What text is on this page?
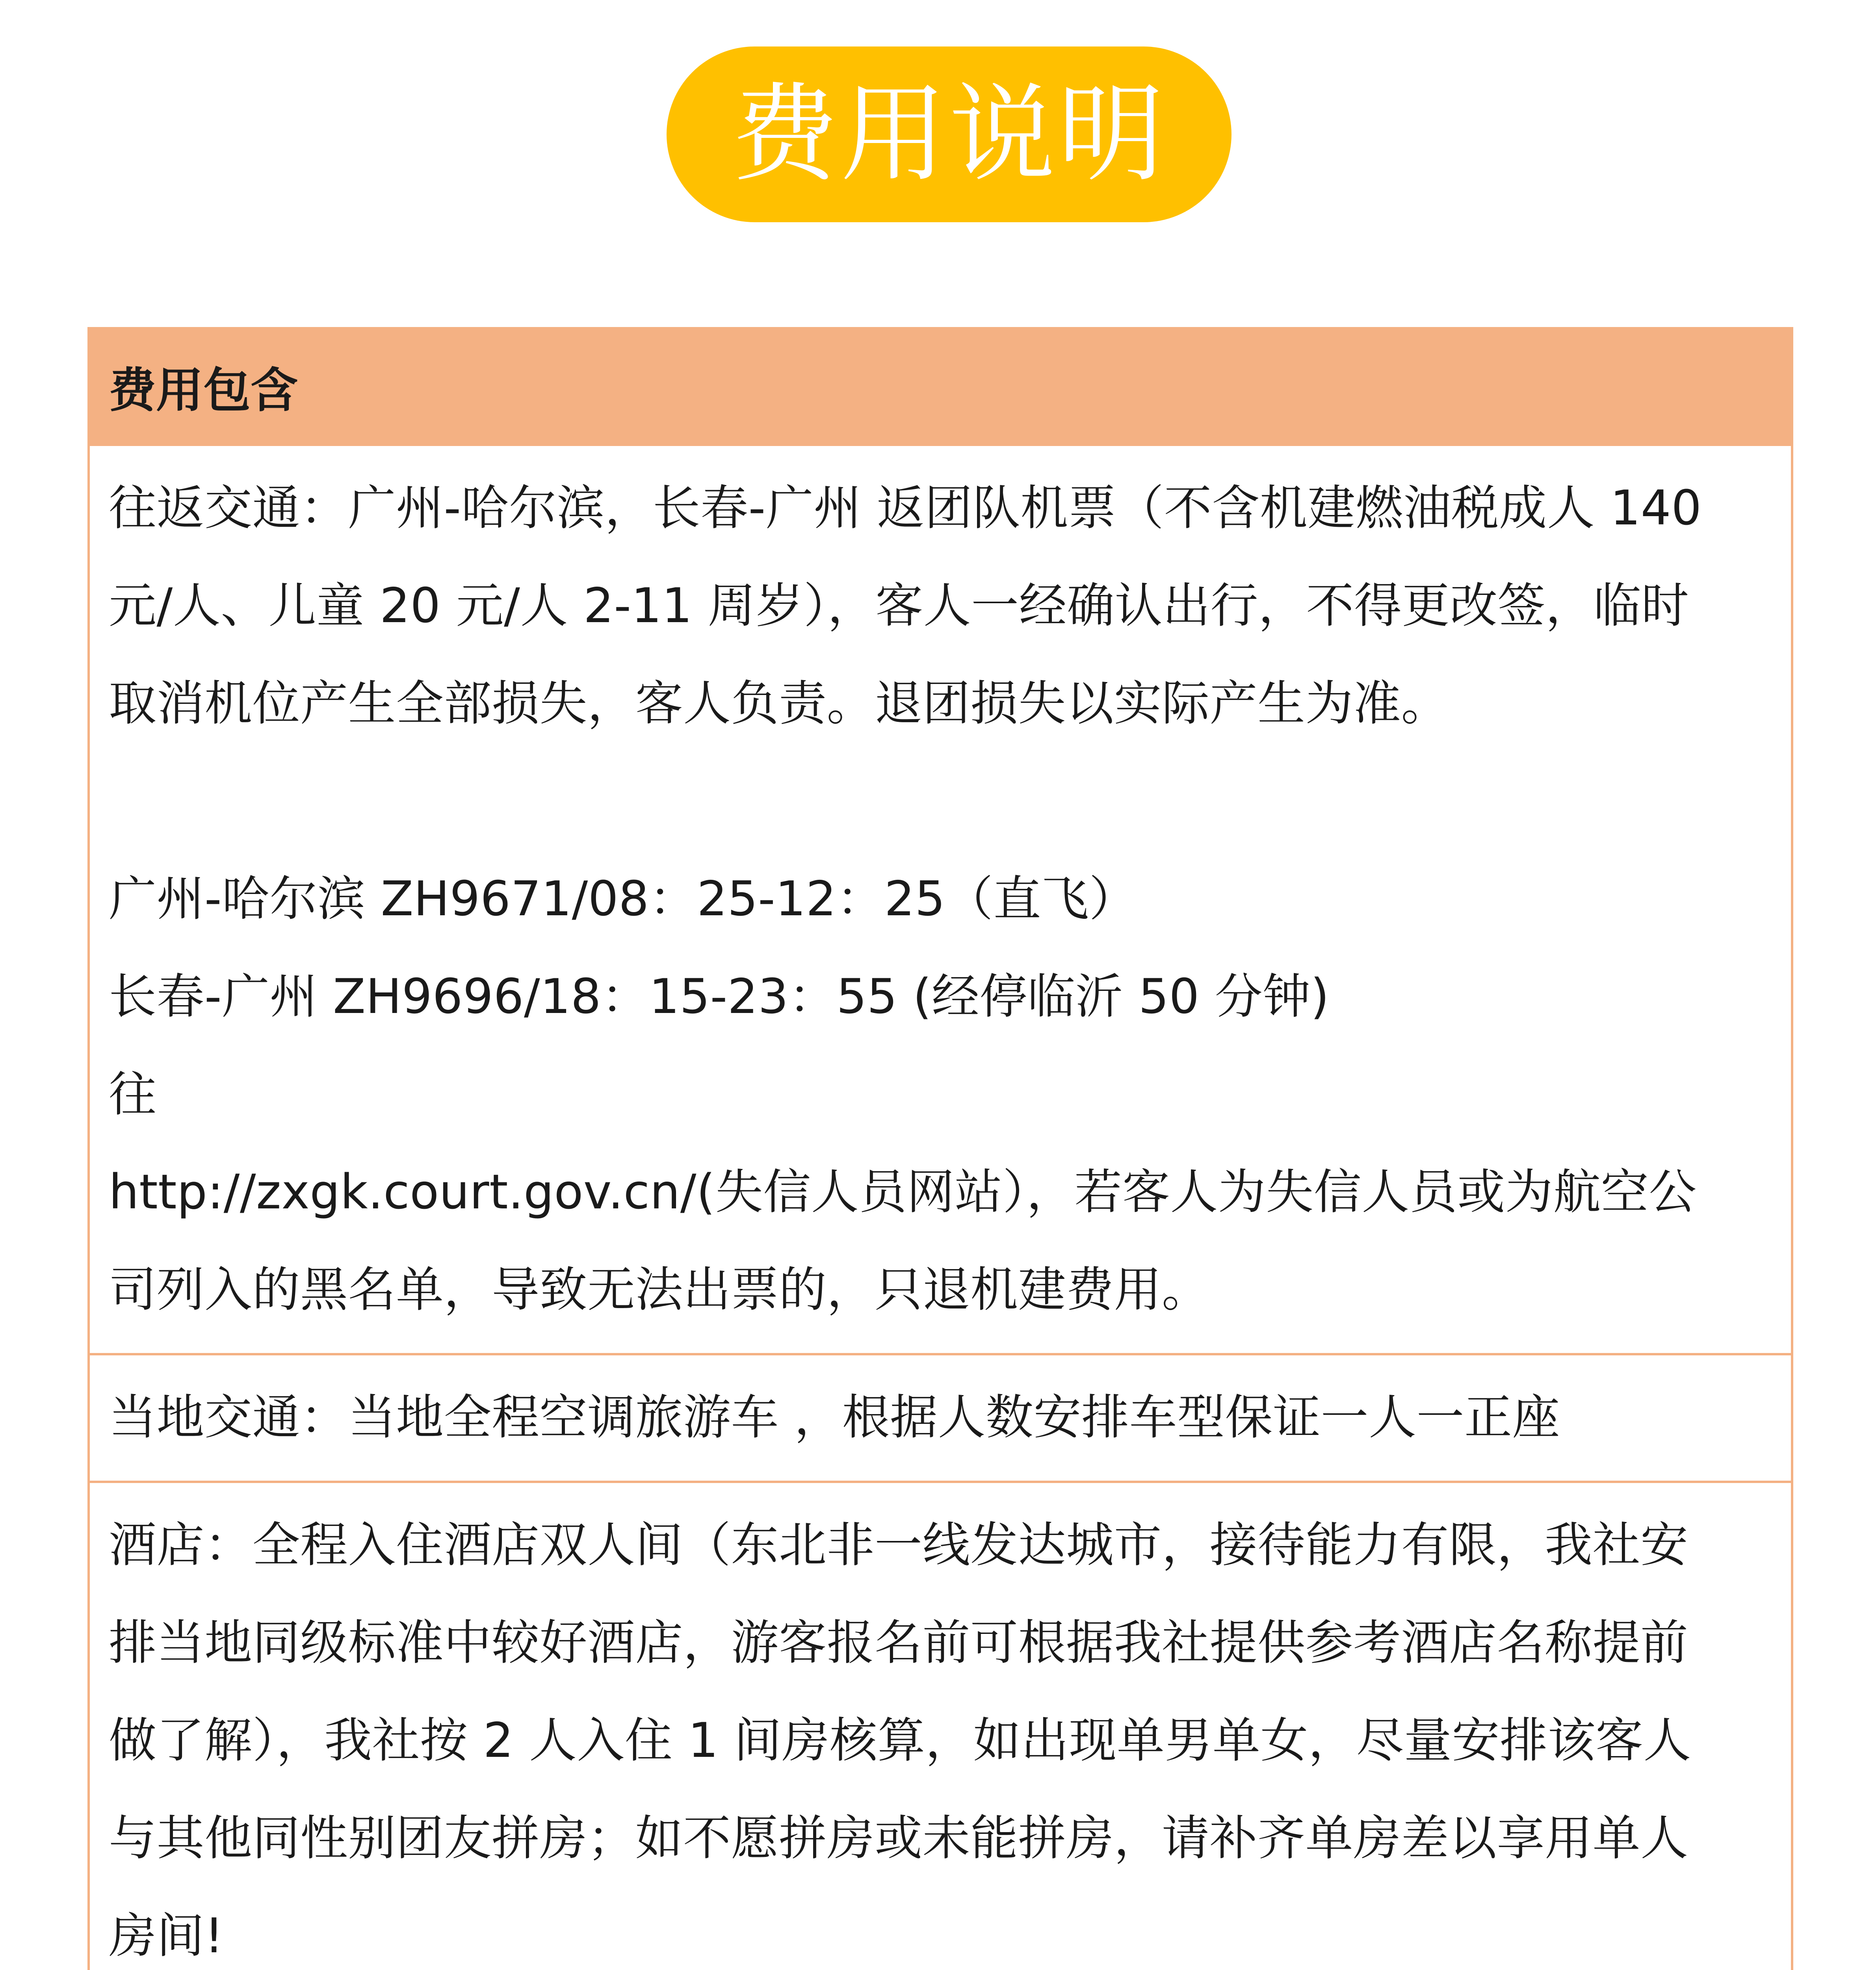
费用说明
费用包含
往返交通：广州-哈尔滨，长春-广州 返团队机票（不含机建燃油税成人 140
元/人、儿童 20 元/人 2-11 周岁），客人一经确认出行，不得更改签，临时
取消机位产生全部损失，客人负责。退团损失以实际产生为准。
广州-哈尔滨 ZH9671/08：25-12：25（直飞）
长春-广州 ZH9696/18：15-23：55 (经停临沂 50 分钟)
往
http://zxgk.court.gov.cn/(失信人员网站），若客人为失信人员或为航空公
司列入的黑名单，导致无法出票的，只退机建费用。
当地交通：当地全程空调旅游车 ，根据人数安排车型保证一人一正座
酒店：全程入住酒店双人间（东北非一线发达城市，接待能力有限，我社安
排当地同级标准中较好酒店，游客报名前可根据我社提供参考酒店名称提前
做了解），我社按 2 人入住 1 间房核算，如出现单男单女，尽量安排该客人
与其他同性别团友拼房；如不愿拼房或未能拼房，请补齐单房差以享用单人
房间!
